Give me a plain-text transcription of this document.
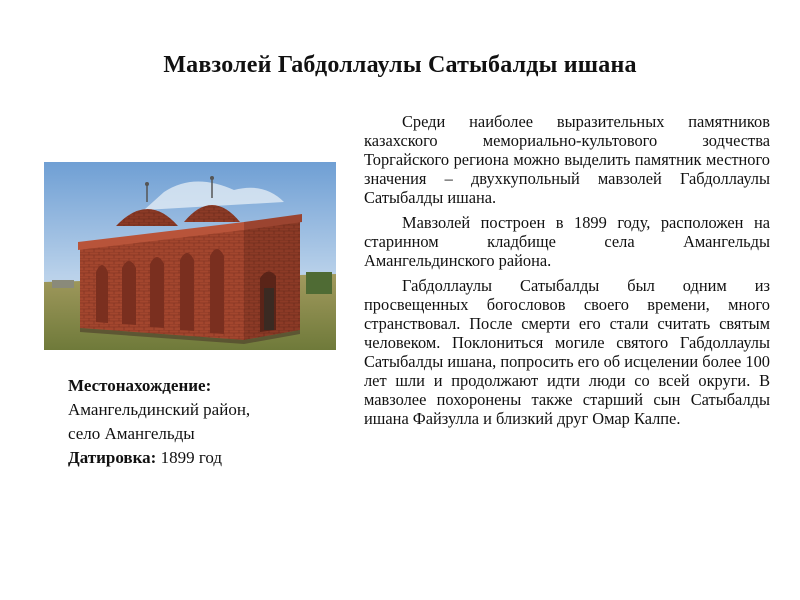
Мавзолей Габдоллаулы Сатыбалды ишана
Местонахождение:
Амангельдинский район,
село Амангельды
Датировка: 1899 год

Среди наиболее выразительных памятников казахского мемориально-культового зодчества Торгайского региона можно выделить памятник местного значения – двухкупольный мавзолей Габдоллаулы Сатыбалды ишана.

Мавзолей построен в 1899 году, расположен на старинном кладбище села Амангельды Амангельдинского района.

Габдоллаулы Сатыбалды был одним из просвещенных богословов своего времени, много странствовал. После смерти его стали считать святым человеком. Поклониться могиле святого Габдоллаулы Сатыбалды ишана, попросить его об исцелении более 100 лет шли и продолжают идти люди со всей округи. В мавзолее похоронены также старший сын Сатыбалды ишана Файзулла и близкий друг Омар Калпе.
